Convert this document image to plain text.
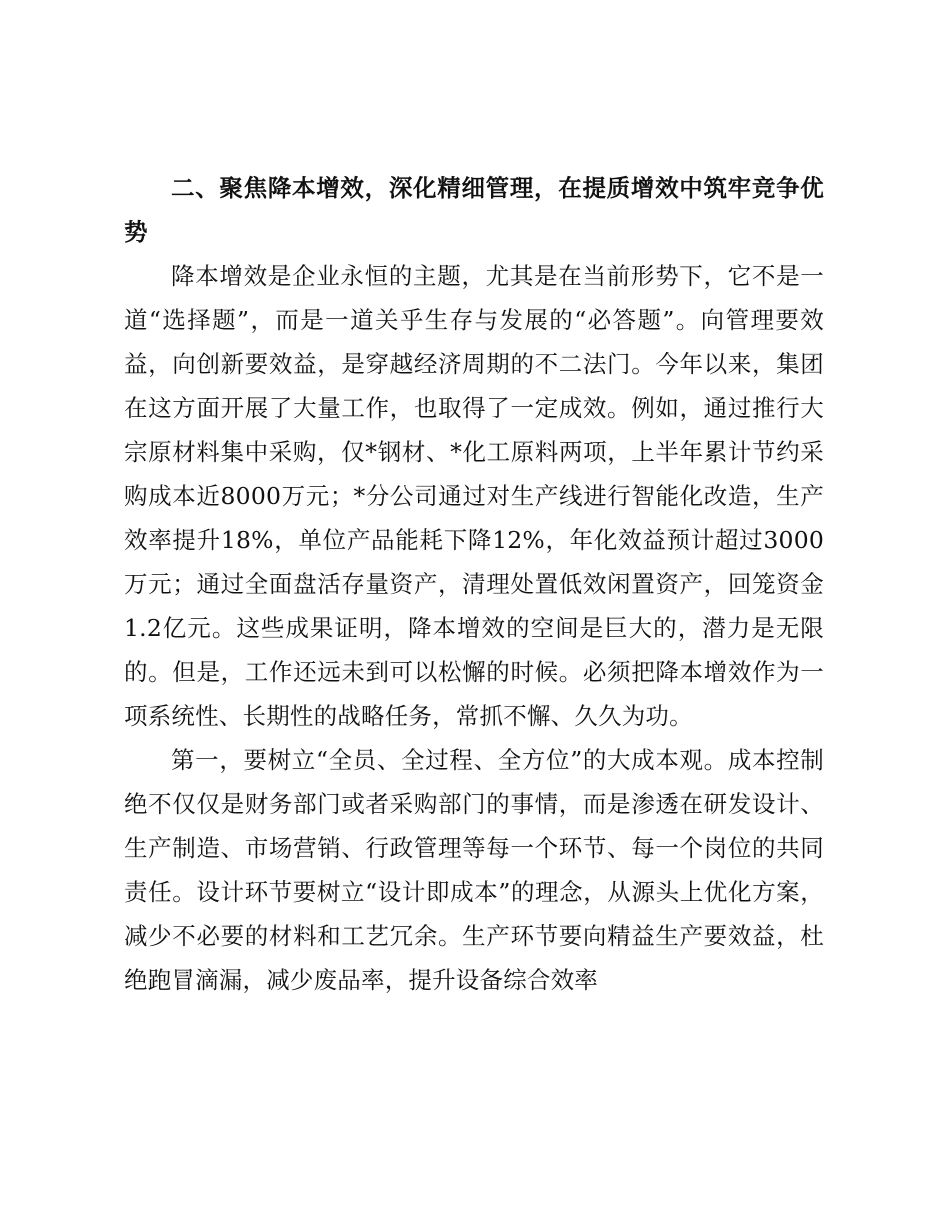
二、聚焦降本增效，深化精细管理，在提质增效中筑牢竞争优势

降本增效是企业永恒的主题，尤其是在当前形势下，它不是一道“选择题”，而是一道关乎生存与发展的“必答题”。向管理要效益，向创新要效益，是穿越经济周期的不二法门。今年以来，集团在这方面开展了大量工作，也取得了一定成效。例如，通过推行大宗原材料集中采购，仅*钢材、*化工原料两项，上半年累计节约采购成本近8000万元；*分公司通过对生产线进行智能化改造，生产效率提升18%，单位产品能耗下降12%，年化效益预计超过3000万元；通过全面盘活存量资产，清理处置低效闲置资产，回笼资金1.2亿元。这些成果证明，降本增效的空间是巨大的，潜力是无限的。但是，工作还远未到可以松懈的时候。必须把降本增效作为一项系统性、长期性的战略任务，常抓不懈、久久为功。

第一，要树立“全员、全过程、全方位”的大成本观。成本控制绝不仅仅是财务部门或者采购部门的事情，而是渗透在研发设计、生产制造、市场营销、行政管理等每一个环节、每一个岗位的共同责任。设计环节要树立“设计即成本”的理念，从源头上优化方案，减少不必要的材料和工艺冗余。生产环节要向精益生产要效益，杜绝跑冒滴漏，减少废品率，提升设备综合效率
